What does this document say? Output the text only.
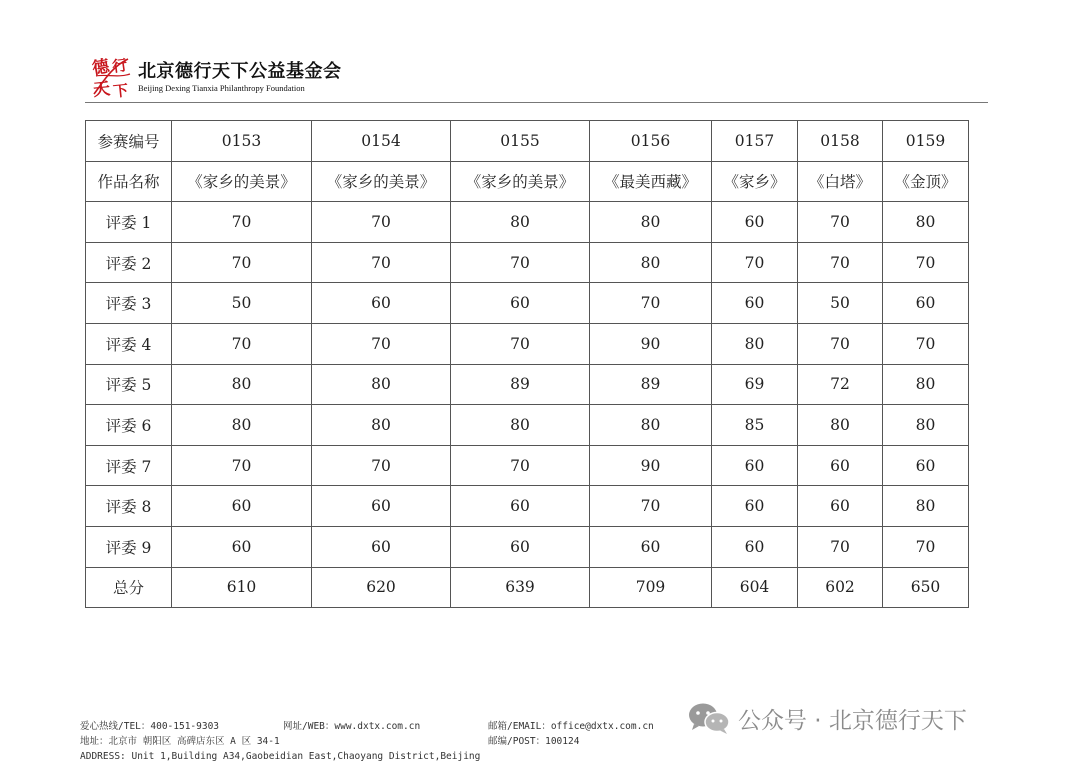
德 行
天 下
北京德行天下公益基金会
Beijing Dexing Tianxia Philanthropy Foundation
参赛编号	0153	0154	0155	0156	0157	0158	0159
作品名称	《家乡的美景》	《家乡的美景》	《家乡的美景》	《最美西藏》	《家乡》	《白塔》	《金顶》
评委 1	70	70	80	80	60	70	80
评委 2	70	70	70	80	70	70	70
评委 3	50	60	60	70	60	50	60
评委 4	70	70	70	90	80	70	70
评委 5	80	80	89	89	69	72	80
评委 6	80	80	80	80	85	80	80
评委 7	70	70	70	90	60	60	60
评委 8	60	60	60	70	60	60	80
评委 9	60	60	60	60	60	70	70
总分	610	620	639	709	604	602	650
爱心热线/TEL：400-151-9303	网址/WEB：www.dxtx.com.cn	邮箱/EMAIL：office@dxtx.com.cn
地址：北京市 朝阳区 高碑店东区 A 区 34-1	邮编/POST：100124
ADDRESS: Unit 1,Building A34,Gaobeidian East,Chaoyang District,Beijing
公众号 · 北京德行天下
